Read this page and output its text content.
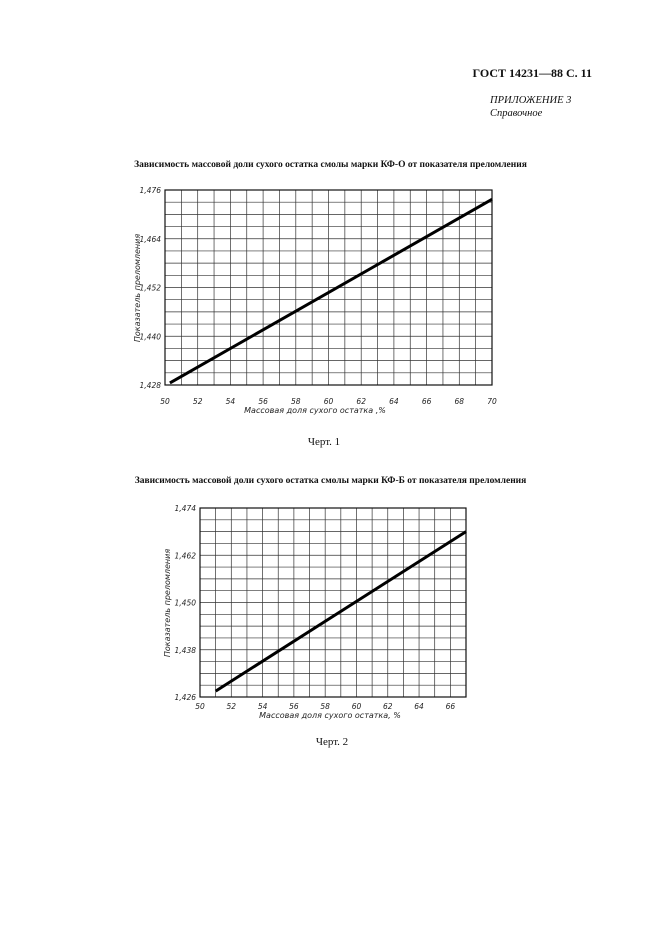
ГОСТ 14231—88 С. 11
ПРИЛОЖЕНИЕ 3
Справочное
Зависимость массовой доли сухого остатка смолы марки КФ-О от показателя преломления
Черт. 1
Зависимость массовой доли сухого остатка смолы марки КФ-Б от показателя преломления
Черт. 2
50	52	54	56	58	60	62	64	66	68	70
1,428
1,440
1,452
1,464
1,476
Массовая доля сухого остатка ,%
Показатель преломления
50	52	54	56	58	60	62	64	66
1,426
1,438
1,450
1,462
1,474
Массовая доля сухого остатка, %
Показатель преломления
